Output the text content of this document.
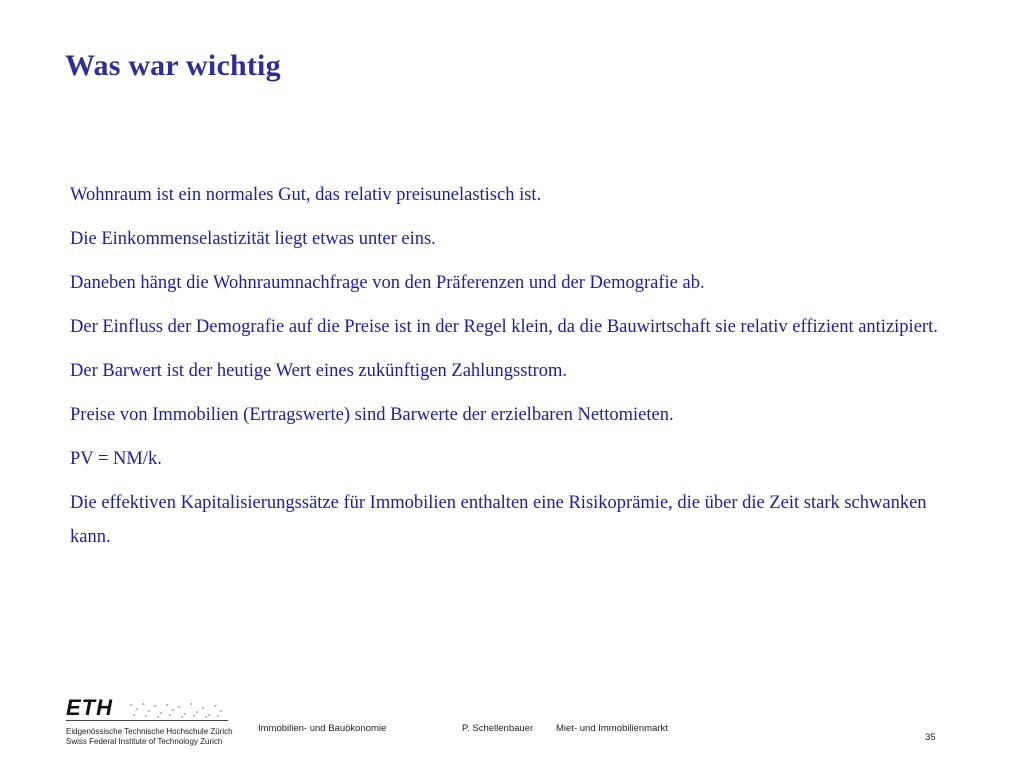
Was war wichtig
Wohnraum ist ein normales Gut, das relativ preisunelastisch ist.
Die Einkommenselastizität liegt etwas unter eins.
Daneben hängt die Wohnraumnachfrage von den Präferenzen und der Demografie ab.
Der Einfluss der Demografie auf die Preise ist in der Regel klein, da die Bauwirtschaft sie relativ effizient antizipiert.
Der Barwert ist der heutige Wert eines zukünftigen Zahlungsstrom.
Preise von Immobilien (Ertragswerte) sind Barwerte der erzielbaren Nettomieten.
PV = NM/k.
Die effektiven Kapitalisierungssätze für Immobilien enthalten eine Risikoprämie, die über die Zeit stark schwanken kann.
ETH
Eidgenössische Technische Hochschule Zürich
Swiss Federal Institute of Technology Zurich
Immobilien- und Bauökonomie	P. Schellenbauer Miet- und Immobilienmarkt
35
